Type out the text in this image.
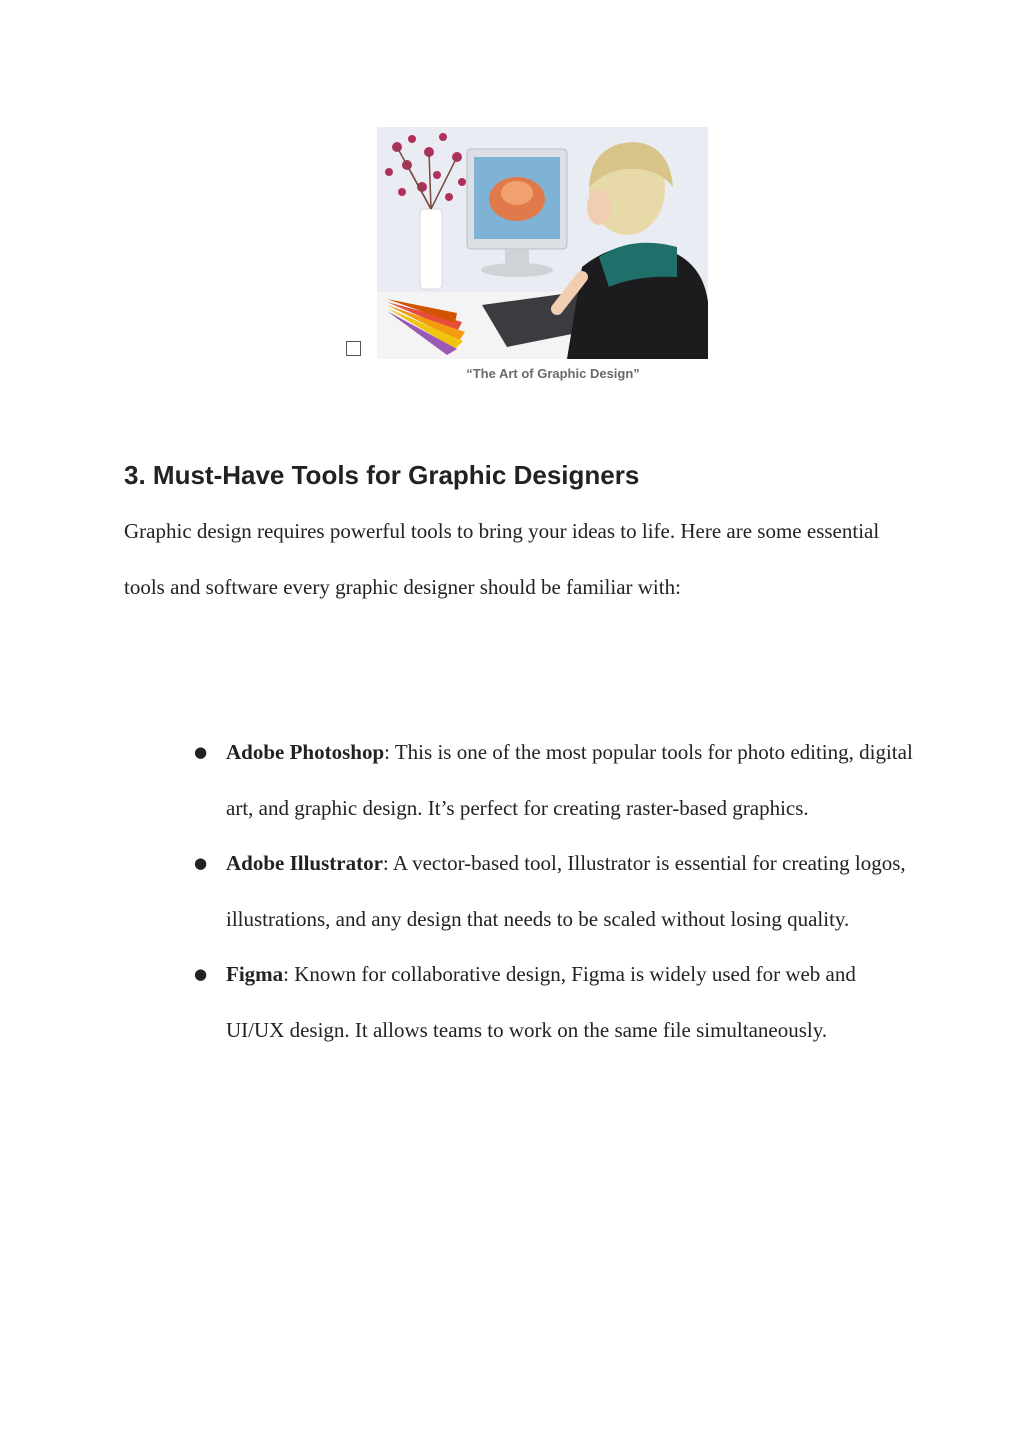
“The Art of Graphic Design”
3. Must-Have Tools for Graphic Designers

Graphic design requires powerful tools to bring your ideas to life. Here are some essential tools and software every graphic designer should be familiar with:

● Adobe Photoshop: This is one of the most popular tools for photo editing, digital art, and graphic design. It’s perfect for creating raster-based graphics.
● Adobe Illustrator: A vector-based tool, Illustrator is essential for creating logos, illustrations, and any design that needs to be scaled without losing quality.
● Figma: Known for collaborative design, Figma is widely used for web and UI/UX design. It allows teams to work on the same file simultaneously.
